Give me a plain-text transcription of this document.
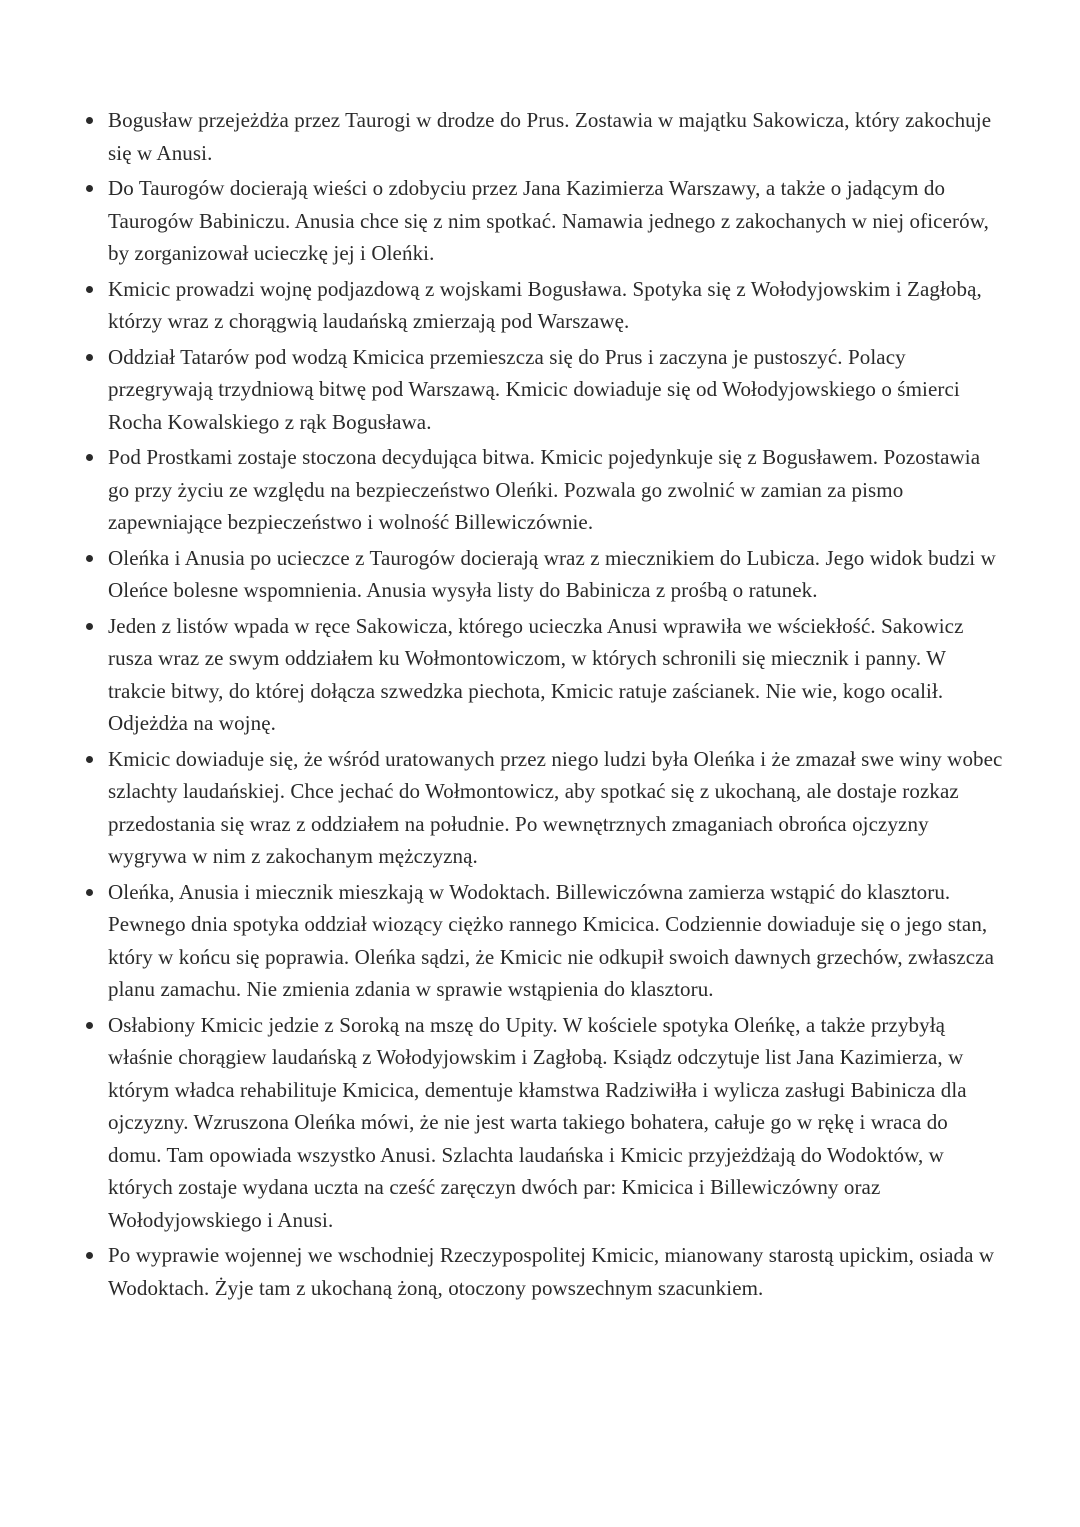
Bogusław przejeżdża przez Taurogi w drodze do Prus. Zostawia w majątku Sakowicza, który zakochuje się w Anusi.
Do Taurogów docierają wieści o zdobyciu przez Jana Kazimierza Warszawy, a także o jadącym do Taurogów Babiniczu. Anusia chce się z nim spotkać. Namawia jednego z zakochanych w niej oficerów, by zorganizował ucieczkę jej i Oleńki.
Kmicic prowadzi wojnę podjazdową z wojskami Bogusława. Spotyka się z Wołodyjowskim i Zagłobą, którzy wraz z chorągwią laudańską zmierzają pod Warszawę.
Oddział Tatarów pod wodzą Kmicica przemieszcza się do Prus i zaczyna je pustoszyć. Polacy przegrywają trzydniową bitwę pod Warszawą. Kmicic dowiaduje się od Wołodyjowskiego o śmierci Rocha Kowalskiego z rąk Bogusława.
Pod Prostkami zostaje stoczona decydująca bitwa. Kmicic pojedynkuje się z Bogusławem. Pozostawia go przy życiu ze względu na bezpieczeństwo Oleńki. Pozwala go zwolnić w zamian za pismo zapewniające bezpieczeństwo i wolność Billewiczównie.
Oleńka i Anusia po ucieczce z Taurogów docierają wraz z miecznikiem do Lubicza. Jego widok budzi w Oleńce bolesne wspomnienia. Anusia wysyła listy do Babinicza z prośbą o ratunek.
Jeden z listów wpada w ręce Sakowicza, którego ucieczka Anusi wprawiła we wściekłość. Sakowicz rusza wraz ze swym oddziałem ku Wołmontowiczom, w których schronili się miecznik i panny. W trakcie bitwy, do której dołącza szwedzka piechota, Kmicic ratuje zaścianek. Nie wie, kogo ocalił. Odjeżdża na wojnę.
Kmicic dowiaduje się, że wśród uratowanych przez niego ludzi była Oleńka i że zmazał swe winy wobec szlachty laudańskiej. Chce jechać do Wołmontowicz, aby spotkać się z ukochaną, ale dostaje rozkaz przedostania się wraz z oddziałem na południe. Po wewnętrznych zmaganiach obrońca ojczyzny wygrywa w nim z zakochanym mężczyzną.
Oleńka, Anusia i miecznik mieszkają w Wodoktach. Billewiczówna zamierza wstąpić do klasztoru. Pewnego dnia spotyka oddział wiozący ciężko rannego Kmicica. Codziennie dowiaduje się o jego stan, który w końcu się poprawia. Oleńka sądzi, że Kmicic nie odkupił swoich dawnych grzechów, zwłaszcza planu zamachu. Nie zmienia zdania w sprawie wstąpienia do klasztoru.
Osłabiony Kmicic jedzie z Soroką na mszę do Upity. W kościele spotyka Oleńkę, a także przybyłą właśnie chorągiew laudańską z Wołodyjowskim i Zagłobą. Ksiądz odczytuje list Jana Kazimierza, w którym władca rehabilituje Kmicica, dementuje kłamstwa Radziwiłła i wylicza zasługi Babinicza dla ojczyzny. Wzruszona Oleńka mówi, że nie jest warta takiego bohatera, całuje go w rękę i wraca do domu. Tam opowiada wszystko Anusi. Szlachta laudańska i Kmicic przyjeżdżają do Wodoktów, w których zostaje wydana uczta na cześć zaręczyn dwóch par: Kmicica i Billewiczówny oraz Wołodyjowskiego i Anusi.
Po wyprawie wojennej we wschodniej Rzeczypospolitej Kmicic, mianowany starostą upickim, osiada w Wodoktach. Żyje tam z ukochaną żoną, otoczony powszechnym szacunkiem.
